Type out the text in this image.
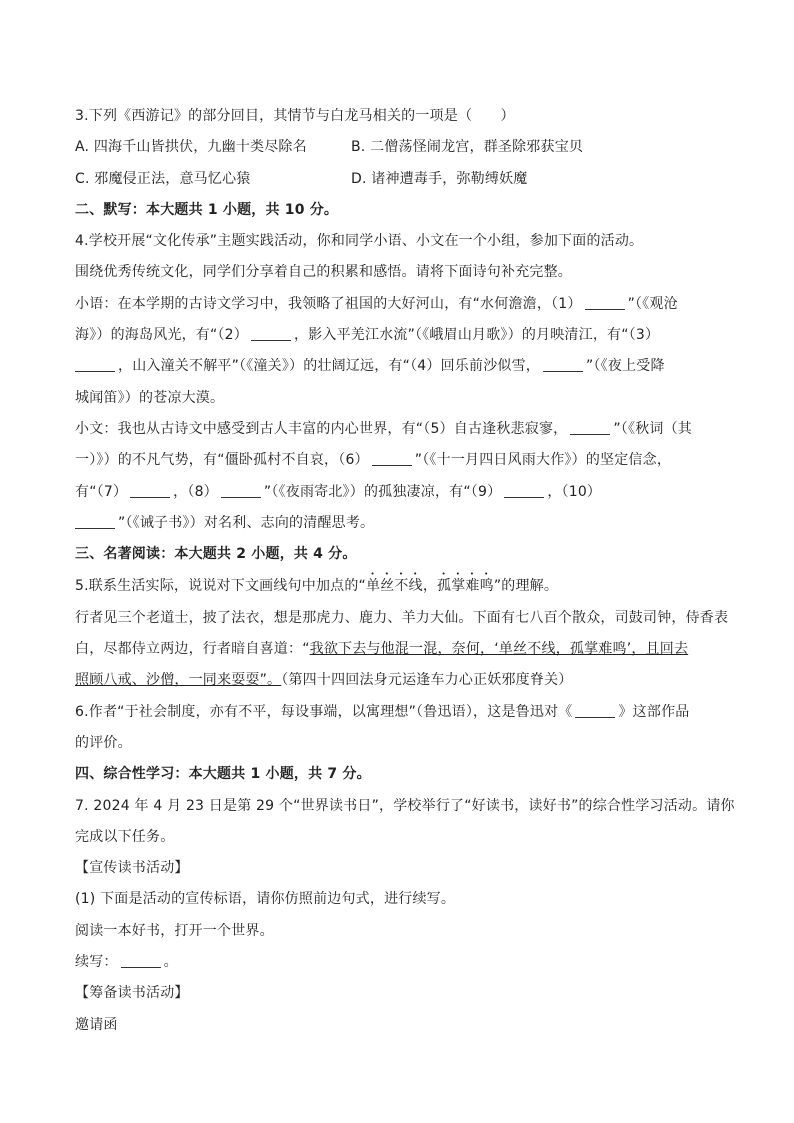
3.下列《西游记》的部分回目，其情节与白龙马相关的一项是（　　）
A. 四海千山皆拱伏，九幽十类尽除名	B. 二僧荡怪闹龙宫，群圣除邪获宝贝
C. 邪魔侵正法，意马忆心猿	D. 诸神遭毒手，弥勒缚妖魔
二、默写：本大题共 1 小题，共 10 分。
4.学校开展“文化传承”主题实践活动，你和同学小语、小文在一个小组，参加下面的活动。
围绕优秀传统文化，同学们分享着自己的积累和感悟。请将下面诗句补充完整。
小语：在本学期的古诗文学习中，我领略了祖国的大好河山，有“水何澹澹，（1）	”（《观沧
海》）的海岛风光，有“（2）	，影入平羌江水流”（《峨眉山月歌》）的月映清江，有“（3）
，山入潼关不解平”（《潼关》）的壮阔辽远，有“（4）回乐前沙似雪，	”（《夜上受降
城闻笛》）的苍凉大漠。
小文：我也从古诗文中感受到古人丰富的内心世界，有“（5）自古逢秋悲寂寥，	”（《秋词（其
一）》）的不凡气势，有“僵卧孤村不自哀，（6）	”（《十一月四日风雨大作》）的坚定信念，
有“（7）	，（8）	”（《夜雨寄北》）的孤独凄凉，有“（9）	，（10）
”（《诫子书》）对名利、志向的清醒思考。
三、名著阅读：本大题共 2 小题，共 4 分。
5.联系生活实际，说说对下文画线句中加点的“单丝不线，孤掌难鸣”的理解。
行者见三个老道士，披了法衣，想是那虎力、鹿力、羊力大仙。下面有七八百个散众，司鼓司钟，侍香表
白，尽都侍立两边，行者暗自喜道：“我欲下去与他混一混，奈何，‘单丝不线，孤掌难鸣’，且回去
照顾八戒、沙僧，一同来耍耍”。（第四十四回法身元运逢车力心正妖邪度脊关）
6.作者“于社会制度，亦有不平，每设事端，以寓理想”（鲁迅语），这是鲁迅对《	》这部作品
的评价。
四、综合性学习：本大题共 1 小题，共 7 分。
7. 2024 年 4 月 23 日是第 29 个“世界读书日”，学校举行了“好读书，读好书”的综合性学习活动。请你
完成以下任务。
【宣传读书活动】
(1) 下面是活动的宣传标语，请你仿照前边句式，进行续写。
阅读一本好书，打开一个世界。
续写：	。
【筹备读书活动】
邀请函
